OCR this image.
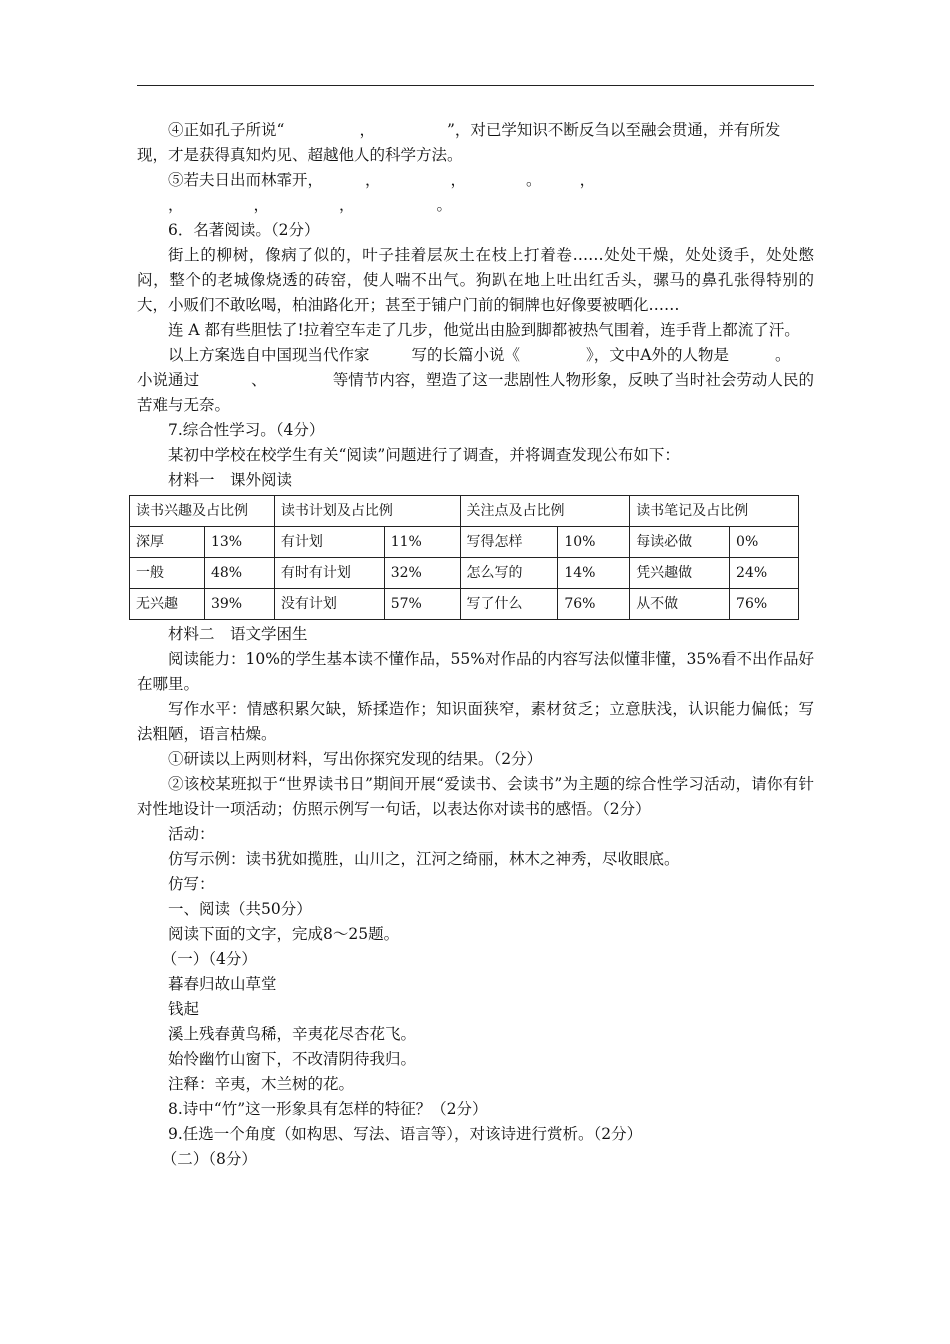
④正如孔子所说“	，	”，对已学知识不断反刍以至融会贯通，并有所发

现，才是获得真知灼见、超越他人的科学方法。

⑤若夫日出而林霏开，	，	，	。 ，

，	，	，	。

6．名著阅读。（2分）

街上的柳树，像病了似的，叶子挂着层灰土在枝上打着卷……处处干燥，处处烫手，处处憋闷，整个的老城像烧透的砖窑，使人喘不出气。狗趴在地上吐出红舌头，骡马的鼻孔张得特别的大，小贩们不敢吆喝，柏油路化开；甚至于铺户门前的铜牌也好像要被晒化……

连 A 都有些胆怯了!拉着空车走了几步，他觉出由脸到脚都被热气围着，连手背上都流了汗。

以上方案选自中国现当代作家	写的长篇小说《	》，文中A外的人物是	。
小说通过	、	等情节内容，塑造了这一悲剧性人物形象，反映了当时社会劳动人民的苦难与无奈。

7.综合性学习。（4分）

某初中学校在校学生有关“阅读”问题进行了调查，并将调查发现公布如下：

材料一　课外阅读

读书兴趣及占比例		读书计划及占比例		关注点及占比例		读书笔记及占比例	
深厚	13%	有计划	11%	写得怎样	10%	每读必做	0%
一般	48%	有时有计划	32%	怎么写的	14%	凭兴趣做	24%
无兴趣	39%	没有计划	57%	写了什么	76%	从不做	76%

材料二　语文学困生

阅读能力：10%的学生基本读不懂作品，55%对作品的内容写法似懂非懂，35%看不出作品好在哪里。

写作水平：情感积累欠缺，矫揉造作；知识面狭窄，素材贫乏；立意肤浅，认识能力偏低；写法粗陋，语言枯燥。

①研读以上两则材料，写出你探究发现的结果。（2分）

②该校某班拟于“世界读书日”期间开展“爱读书、会读书”为主题的综合性学习活动，请你有针对性地设计一项活动；仿照示例写一句话，以表达你对读书的感悟。（2分）

活动：

仿写示例：读书犹如揽胜，山川之，江河之绮丽，林木之神秀，尽收眼底。

仿写：

一、阅读（共50分）

阅读下面的文字，完成8～25题。

（一）（4分）

暮春归故山草堂

钱起

溪上残春黄鸟稀，辛夷花尽杏花飞。

始怜幽竹山窗下，不改清阴待我归。

注释：辛夷，木兰树的花。

8.诗中“竹”这一形象具有怎样的特征？（2分）

9.任选一个角度（如构思、写法、语言等），对该诗进行赏析。（2分）

（二）（8分）
